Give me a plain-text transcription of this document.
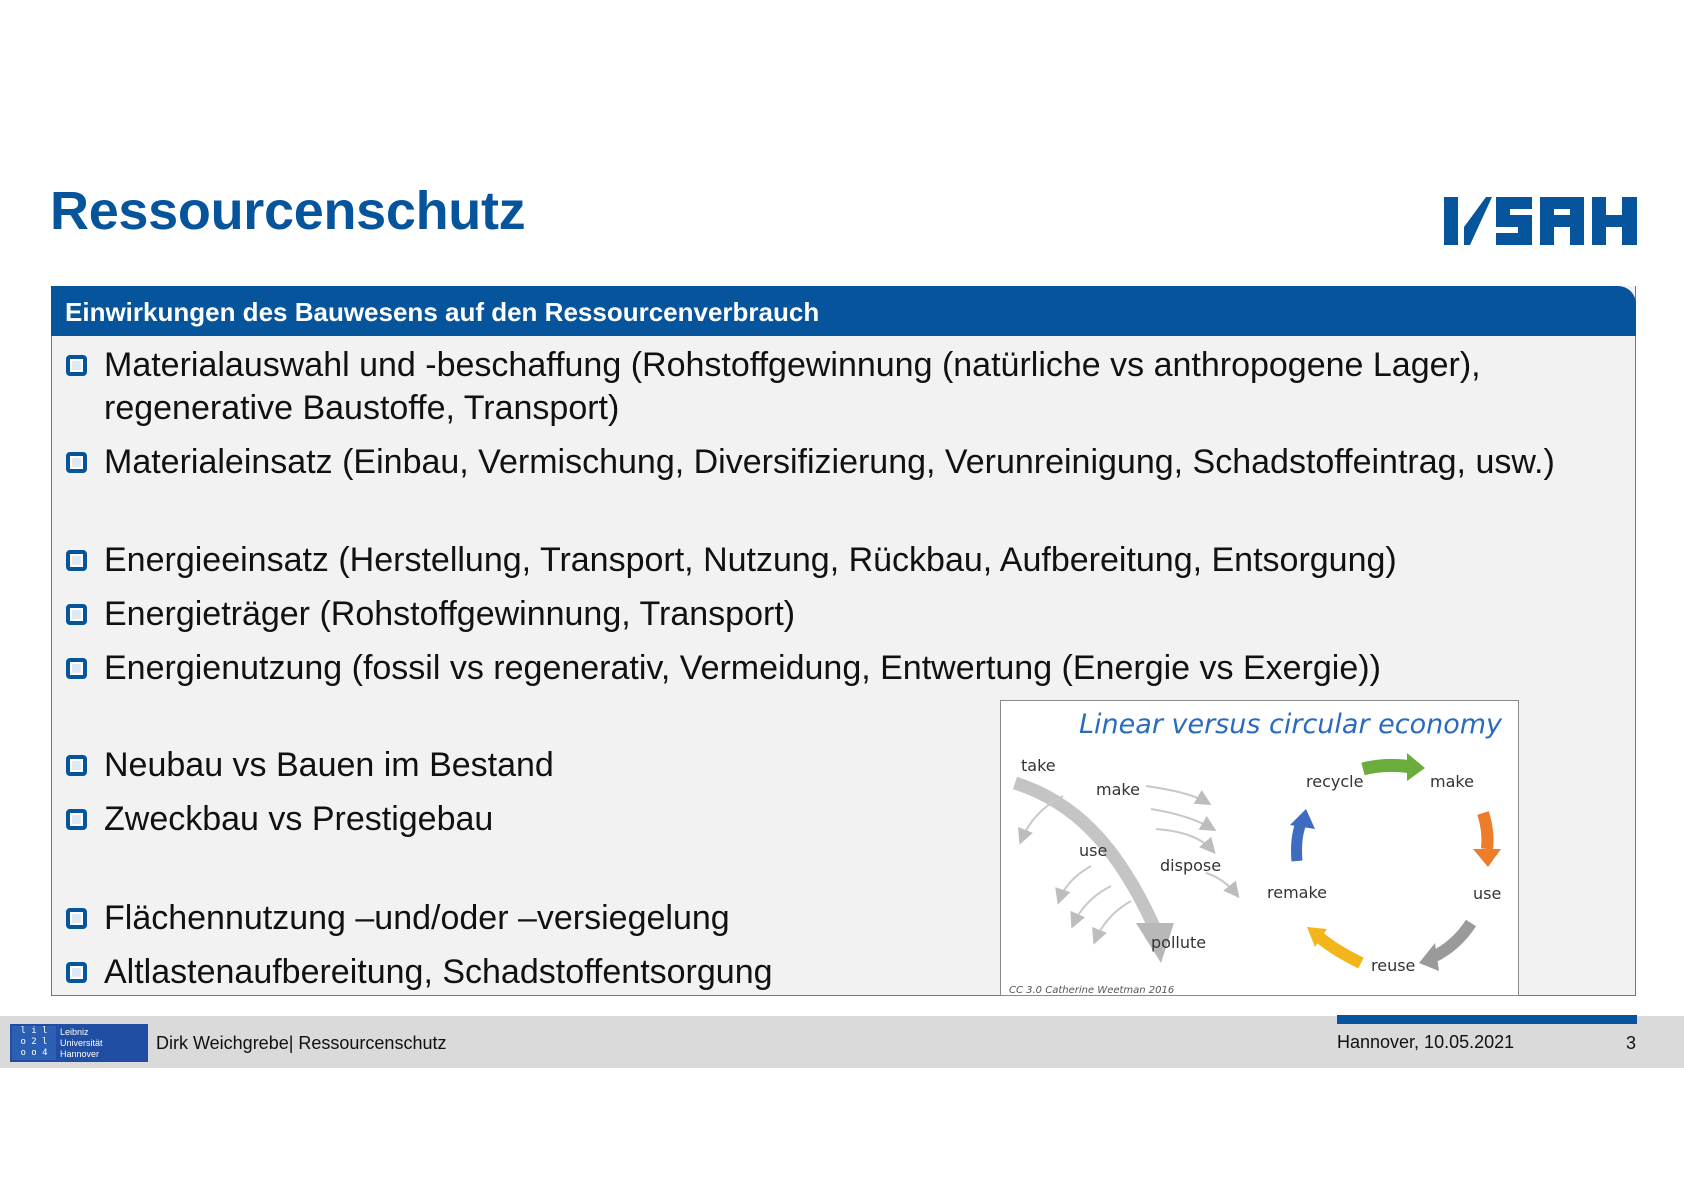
Ressourcenschutz
Einwirkungen des Bauwesens auf den Ressourcenverbrauch
Materialauswahl und -beschaffung (Rohstoffgewinnung (natürliche vs anthropogene Lager), regenerative Baustoffe, Transport)
Materialeinsatz (Einbau, Vermischung, Diversifizierung, Verunreinigung, Schadstoffeintrag, usw.)
Energieeinsatz (Herstellung, Transport, Nutzung, Rückbau, Aufbereitung, Entsorgung)
Energieträger (Rohstoffgewinnung, Transport)
Energienutzung (fossil vs regenerativ, Vermeidung, Entwertung (Energie vs Exergie))
Neubau vs Bauen im Bestand
Zweckbau vs Prestigebau
Flächennutzung –und/oder –versiegelung
Altlastenaufbereitung, Schadstoffentsorgung
Linear versus circular economy
take
make
use
dispose
pollute
recycle	make
use
reuse
remake
CC 3.0 Catherine Weetman 2016
l i l
o 2 l
o o 4
Leibniz
Universität
Hannover
Dirk Weichgrebe| Ressourcenschutz	Hannover, 10.05.2021	3
